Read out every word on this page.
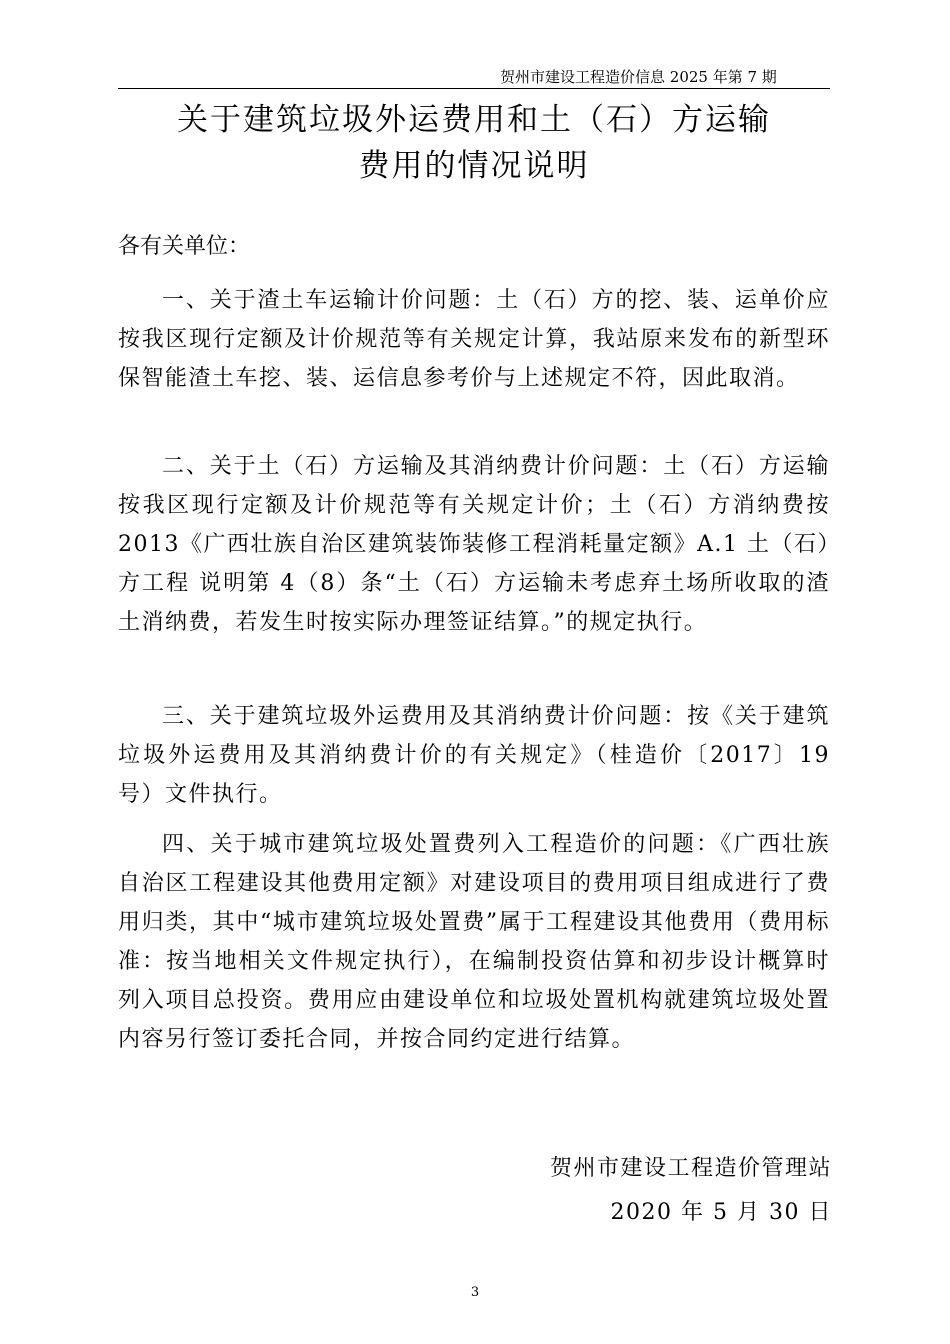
贺州市建设工程造价信息 2025 年第 7 期
关于建筑垃圾外运费用和土（石）方运输
费用的情况说明
各有关单位：
一、关于渣土车运输计价问题：土（石）方的挖、装、运单价应按我区现行定额及计价规范等有关规定计算，我站原来发布的新型环保智能渣土车挖、装、运信息参考价与上述规定不符，因此取消。
二、关于土（石）方运输及其消纳费计价问题：土（石）方运输按我区现行定额及计价规范等有关规定计价；土（石）方消纳费按 2013《广西壮族自治区建筑装饰装修工程消耗量定额》A.1 土（石）方工程 说明第 4（8）条“土（石）方运输未考虑弃土场所收取的渣土消纳费，若发生时按实际办理签证结算。”的规定执行。
三、关于建筑垃圾外运费用及其消纳费计价问题：按《关于建筑垃圾外运费用及其消纳费计价的有关规定》（桂造价〔2017〕19 号）文件执行。
四、关于城市建筑垃圾处置费列入工程造价的问题：《广西壮族自治区工程建设其他费用定额》对建设项目的费用项目组成进行了费用归类，其中“城市建筑垃圾处置费”属于工程建设其他费用（费用标准：按当地相关文件规定执行），在编制投资估算和初步设计概算时列入项目总投资。费用应由建设单位和垃圾处置机构就建筑垃圾处置内容另行签订委托合同，并按合同约定进行结算。
贺州市建设工程造价管理站
2020 年 5 月 30 日
3
